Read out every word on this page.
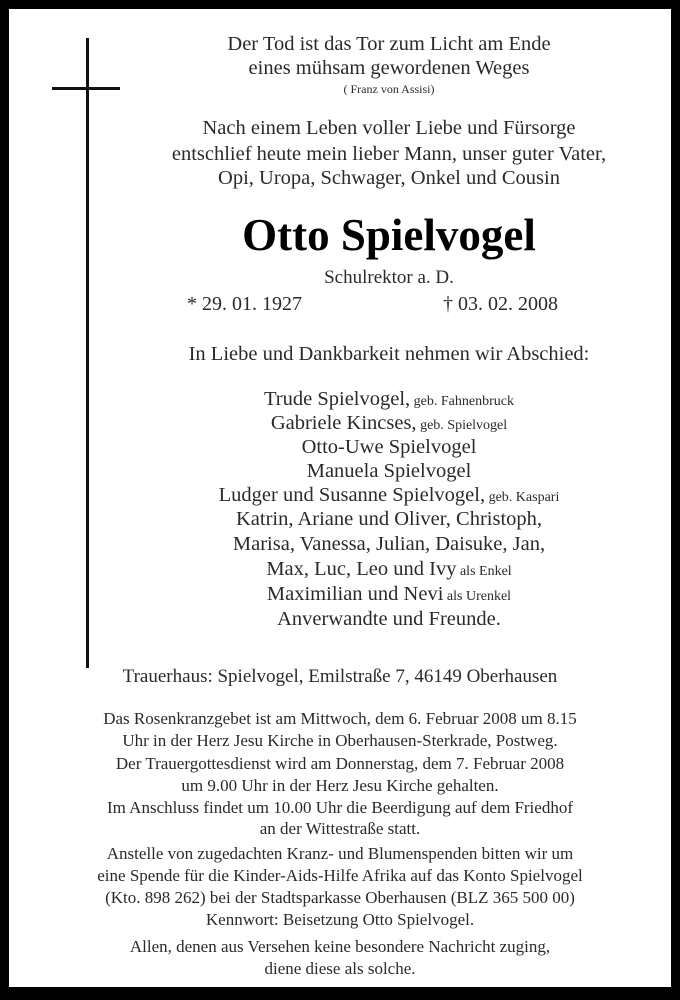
Der Tod ist das Tor zum Licht am Ende
eines mühsam gewordenen Weges
( Franz von Assisi)
Nach einem Leben voller Liebe und Fürsorge
entschlief heute mein lieber Mann, unser guter Vater,
Opi, Uropa, Schwager, Onkel und Cousin
Otto Spielvogel
Schulrektor a. D.
* 29. 01. 1927	† 03. 02. 2008
In Liebe und Dankbarkeit nehmen wir Abschied:
Trude Spielvogel, geb. Fahnenbruck
Gabriele Kincses, geb. Spielvogel
Otto-Uwe Spielvogel
Manuela Spielvogel
Ludger und Susanne Spielvogel, geb. Kaspari
Katrin, Ariane und Oliver, Christoph,
Marisa, Vanessa, Julian, Daisuke, Jan,
Max, Luc, Leo und Ivy als Enkel
Maximilian und Nevi als Urenkel
Anverwandte und Freunde.
Trauerhaus: Spielvogel, Emilstraße 7, 46149 Oberhausen
Das Rosenkranzgebet ist am Mittwoch, dem 6. Februar 2008 um 8.15
Uhr in der Herz Jesu Kirche in Oberhausen-Sterkrade, Postweg.
Der Trauergottesdienst wird am Donnerstag, dem 7. Februar 2008
um 9.00 Uhr in der Herz Jesu Kirche gehalten.
Im Anschluss findet um 10.00 Uhr die Beerdigung auf dem Friedhof
an der Wittestraße statt.
Anstelle von zugedachten Kranz- und Blumenspenden bitten wir um
eine Spende für die Kinder-Aids-Hilfe Afrika auf das Konto Spielvogel
(Kto. 898 262) bei der Stadtsparkasse Oberhausen (BLZ 365 500 00)
Kennwort: Beisetzung Otto Spielvogel.
Allen, denen aus Versehen keine besondere Nachricht zuging,
diene diese als solche.
